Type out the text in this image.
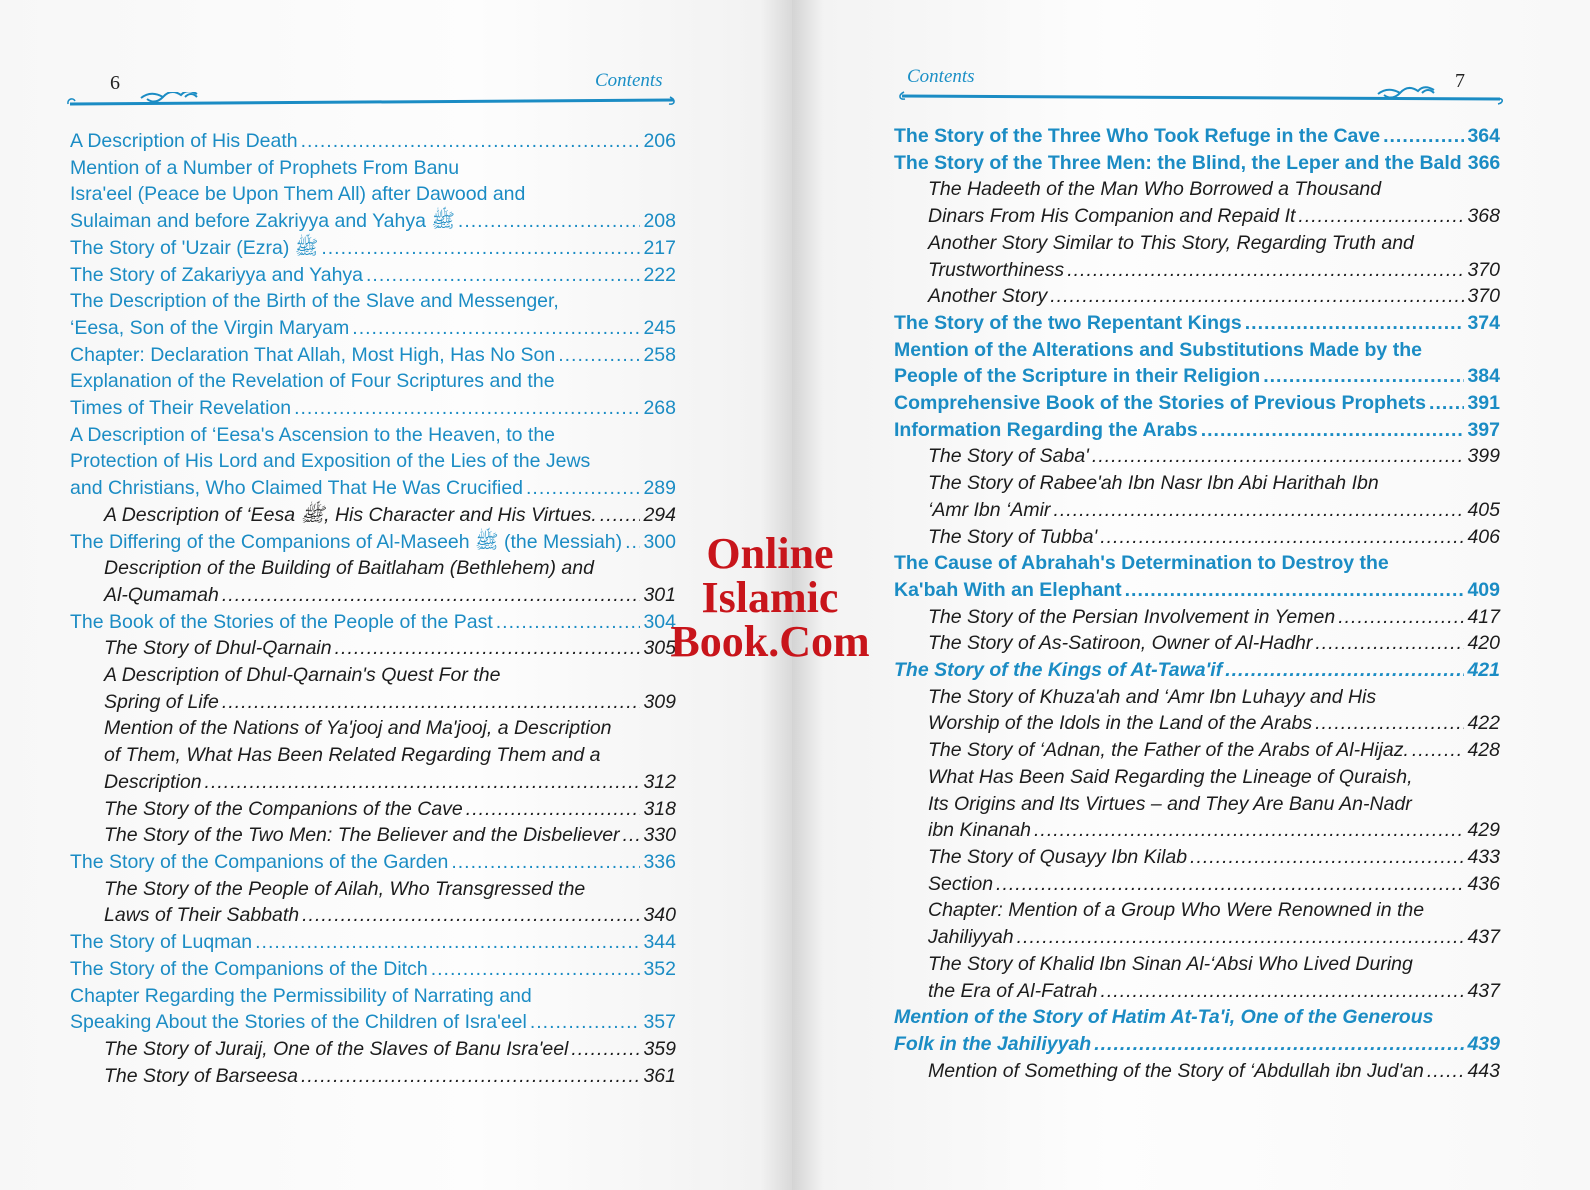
6	Contents
A Description of His Death .....	206
Mention of a Number of Prophets From Banu
Isra'eel (Peace be Upon Them All) after Dawood and
Sulaiman and before Zakriyya and Yahya ﷺ .....	208
The Story of 'Uzair (Ezra) ﷺ .....	217
The Story of Zakariyya and Yahya .....	222
The Description of the Birth of the Slave and Messenger,
‘Eesa, Son of the Virgin Maryam .....	245
Chapter: Declaration That Allah, Most High, Has No Son .....	258
Explanation of the Revelation of Four Scriptures and the
Times of Their Revelation .....	268
A Description of ‘Eesa's Ascension to the Heaven, to the
Protection of His Lord and Exposition of the Lies of the Jews
and Christians, Who Claimed That He Was Crucified .....	289
A Description of ‘Eesa ﷺ, His Character and His Virtues. ..... 294
The Differing of the Companions of Al-Maseeh ﷺ (the Messiah) ..... 300
Description of the Building of Baitlaham (Bethlehem) and
Al-Qumamah .....	301
The Book of the Stories of the People of the Past .....	304
The Story of Dhul-Qarnain .....	305
A Description of Dhul-Qarnain's Quest For the
Spring of Life .....	309
Mention of the Nations of Ya'jooj and Ma'jooj, a Description
of Them, What Has Been Related Regarding Them and a
Description .....	312
The Story of the Companions of the Cave .....	318
The Story of the Two Men: The Believer and the Disbeliever ..... 330
The Story of the Companions of the Garden .....	336
The Story of the People of Ailah, Who Transgressed the
Laws of Their Sabbath .....	340
The Story of Luqman .....	344
The Story of the Companions of the Ditch .....	352
Chapter Regarding the Permissibility of Narrating and
Speaking About the Stories of the Children of Isra'eel .....	357
The Story of Juraij, One of the Slaves of Banu Isra'eel .....	359
The Story of Barseesa .....	361
Contents	7
The Story of the Three Who Took Refuge in the Cave .....	364
The Story of the Three Men: the Blind, the Leper and the Bald 366
The Hadeeth of the Man Who Borrowed a Thousand
Dinars From His Companion and Repaid It .....	368
Another Story Similar to This Story, Regarding Truth and
Trustworthiness .....	370
Another Story .....	370
The Story of the two Repentant Kings .....	374
Mention of the Alterations and Substitutions Made by the
People of the Scripture in their Religion .....	384
Comprehensive Book of the Stories of Previous Prophets ..... 391
Information Regarding the Arabs .....	397
The Story of Saba' .....	399
The Story of Rabee'ah Ibn Nasr Ibn Abi Harithah Ibn
‘Amr Ibn ‘Amir .....	405
The Story of Tubba' .....	406
The Cause of Abrahah's Determination to Destroy the
Ka'bah With an Elephant .....	409
The Story of the Persian Involvement in Yemen .....	417
The Story of As-Satiroon, Owner of Al-Hadhr .....	420
The Story of the Kings of At-Tawa'if .....	421
The Story of Khuza'ah and ‘Amr Ibn Luhayy and His
Worship of the Idols in the Land of the Arabs .....	422
The Story of ‘Adnan, the Father of the Arabs of Al-Hijaz. .....	428
What Has Been Said Regarding the Lineage of Quraish,
Its Origins and Its Virtues – and They Are Banu An-Nadr
ibn Kinanah .....	429
The Story of Qusayy Ibn Kilab .....	433
Section .....	436
Chapter: Mention of a Group Who Were Renowned in the
Jahiliyyah .....	437
The Story of Khalid Ibn Sinan Al-‘Absi Who Lived During
the Era of Al-Fatrah .....	437
Mention of the Story of Hatim At-Ta'i, One of the Generous
Folk in the Jahiliyyah .....	439
Mention of Something of the Story of ‘Abdullah ibn Jud'an ..... 443
Online Islamic
Book.Com
